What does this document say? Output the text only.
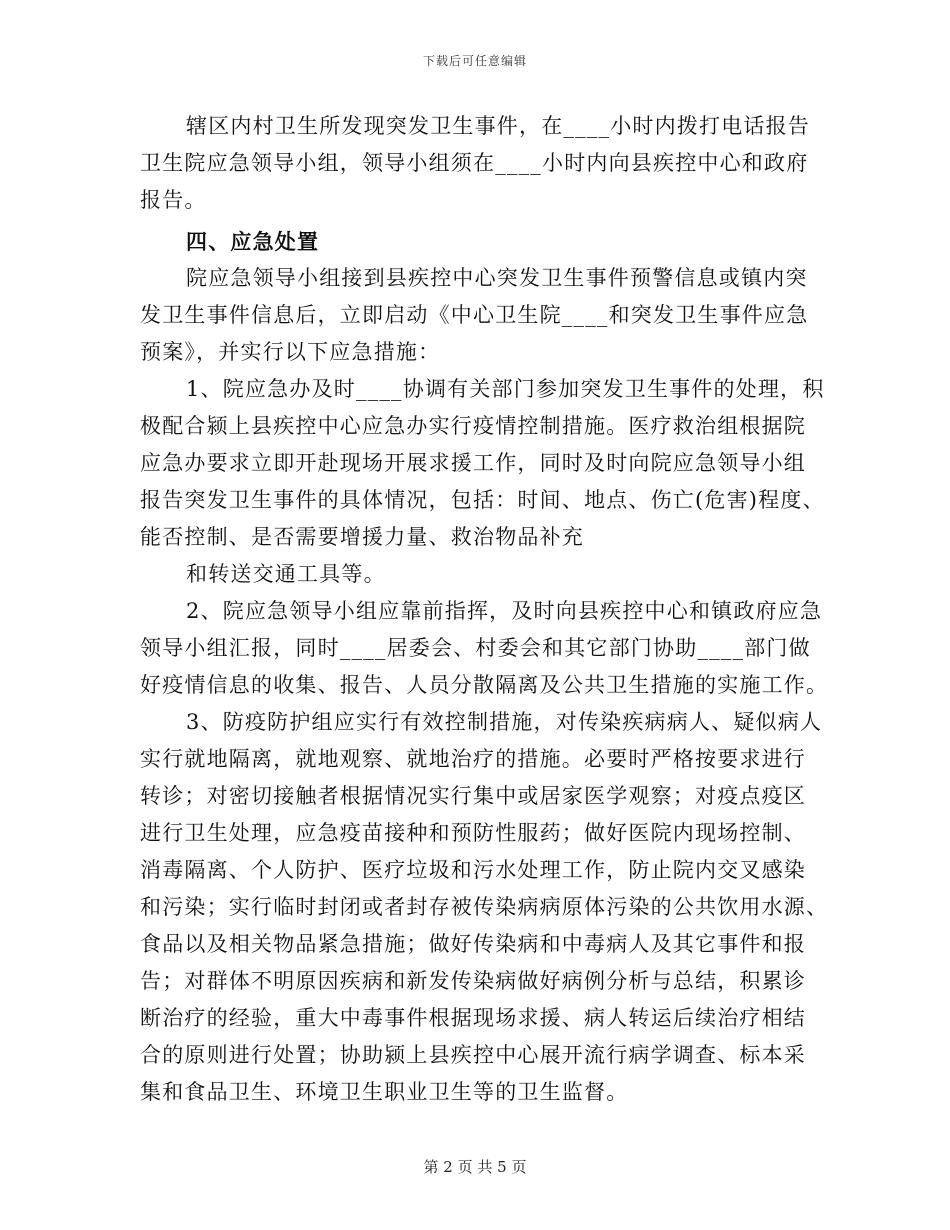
下载后可任意编辑
辖区内村卫生所发现突发卫生事件，在____小时内拨打电话报告
卫生院应急领导小组，领导小组须在____小时内向县疾控中心和政府
报告。
四、应急处置
院应急领导小组接到县疾控中心突发卫生事件预警信息或镇内突
发卫生事件信息后，立即启动《中心卫生院____和突发卫生事件应急
预案》，并实行以下应急措施：
1、院应急办及时____协调有关部门参加突发卫生事件的处理，积
极配合颍上县疾控中心应急办实行疫情控制措施。医疗救治组根据院
应急办要求立即开赴现场开展求援工作，同时及时向院应急领导小组
报告突发卫生事件的具体情况，包括：时间、地点、伤亡(危害)程度、
能否控制、是否需要增援力量、救治物品补充
和转送交通工具等。
2、院应急领导小组应靠前指挥，及时向县疾控中心和镇政府应急
领导小组汇报，同时____居委会、村委会和其它部门协助____部门做
好疫情信息的收集、报告、人员分散隔离及公共卫生措施的实施工作。
3、防疫防护组应实行有效控制措施，对传染疾病病人、疑似病人
实行就地隔离，就地观察、就地治疗的措施。必要时严格按要求进行
转诊；对密切接触者根据情况实行集中或居家医学观察；对疫点疫区
进行卫生处理，应急疫苗接种和预防性服药；做好医院内现场控制、
消毒隔离、个人防护、医疗垃圾和污水处理工作，防止院内交叉感染
和污染；实行临时封闭或者封存被传染病病原体污染的公共饮用水源、
食品以及相关物品紧急措施；做好传染病和中毒病人及其它事件和报
告；对群体不明原因疾病和新发传染病做好病例分析与总结，积累诊
断治疗的经验，重大中毒事件根据现场求援、病人转运后续治疗相结
合的原则进行处置；协助颍上县疾控中心展开流行病学调查、标本采
集和食品卫生、环境卫生职业卫生等的卫生监督。
第 2 页 共 5 页
